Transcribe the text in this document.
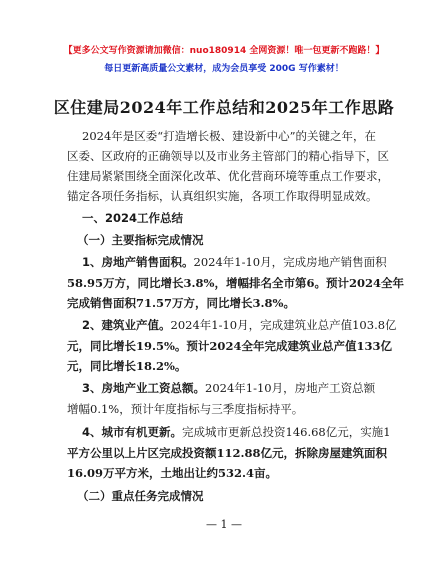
【更多公文写作资源请加微信：nuo180914 全网资源！唯一包更新不跑路！】
每日更新高质量公文素材，成为会员享受 200G 写作素材！
区住建局2024年工作总结和2025年工作思路
2024年是区委“打造增长极、建设新中心”的关键之年，在
区委、区政府的正确领导以及市业务主管部门的精心指导下，区
住建局紧紧围绕全面深化改革、优化营商环境等重点工作要求，
锚定各项任务指标，认真组织实施，各项工作取得明显成效。
一、2024工作总结
（一）主要指标完成情况
1、房地产销售面积。2024年1-10月，完成房地产销售面积
58.95万方，同比增长3.8%，增幅排名全市第6。预计2024全年
完成销售面积71.57万方，同比增长3.8%。
2、建筑业产值。2024年1-10月，完成建筑业总产值103.8亿
元，同比增长19.5%。预计2024全年完成建筑业总产值133亿
元，同比增长18.2%。
3、房地产业工资总额。2024年1-10月，房地产工资总额
增幅0.1%，预计年度指标与三季度指标持平。
4、城市有机更新。完成城市更新总投资146.68亿元，实施1
平方公里以上片区完成投资额112.88亿元，拆除房屋建筑面积
16.09万平方米，土地出让约532.4亩。
（二）重点任务完成情况
— 1 —
